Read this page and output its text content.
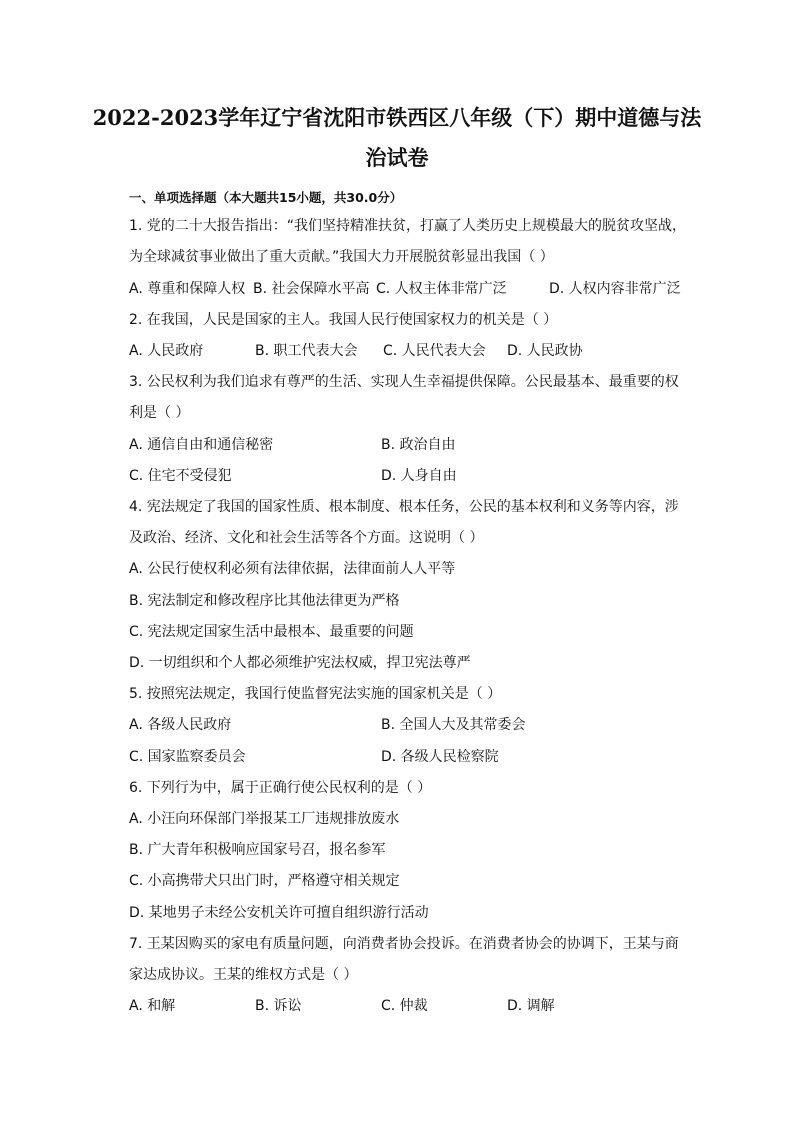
2022-2023学年辽宁省沈阳市铁西区八年级（下）期中道德与法
治试卷
一、单项选择题（本大题共15小题，共30.0分）
1. 党的二十大报告指出：“我们坚持精准扶贫，打赢了人类历史上规模最大的脱贫攻坚战，
为全球减贫事业做出了重大贡献。”我国大力开展脱贫彰显出我国（ ）
A. 尊重和保障人权 B. 社会保障水平高 C. 人权主体非常广泛	D. 人权内容非常广泛
2. 在我国，人民是国家的主人。我国人民行使国家权力的机关是（ ）
A. 人民政府	B. 职工代表大会 C. 人民代表大会 D. 人民政协
3. 公民权利为我们追求有尊严的生活、实现人生幸福提供保障。公民最基本、最重要的权
利是（ ）
A. 通信自由和通信秘密	B. 政治自由
C. 住宅不受侵犯	D. 人身自由
4. 宪法规定了我国的国家性质、根本制度、根本任务，公民的基本权利和义务等内容，涉
及政治、经济、文化和社会生活等各个方面。这说明（ ）
A. 公民行使权利必须有法律依据，法律面前人人平等
B. 宪法制定和修改程序比其他法律更为严格
C. 宪法规定国家生活中最根本、最重要的问题
D. 一切组织和个人都必须维护宪法权威，捍卫宪法尊严
5. 按照宪法规定，我国行使监督宪法实施的国家机关是（ ）
A. 各级人民政府	B. 全国人大及其常委会
C. 国家监察委员会	D. 各级人民检察院
6. 下列行为中，属于正确行使公民权利的是（ ）
A. 小汪向环保部门举报某工厂违规排放废水
B. 广大青年积极响应国家号召，报名参军
C. 小高携带犬只出门时，严格遵守相关规定
D. 某地男子未经公安机关许可擅自组织游行活动
7. 王某因购买的家电有质量问题，向消费者协会投诉。在消费者协会的协调下，王某与商
家达成协议。王某的维权方式是（ ）
A. 和解	B. 诉讼	C. 仲裁	D. 调解
